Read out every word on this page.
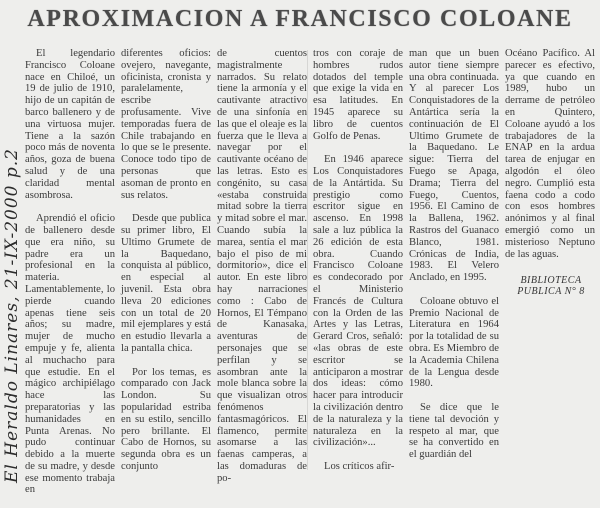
APROXIMACION A FRANCISCO COLOANE
El Heraldo Linares, 21-IX-2000 p.2

El legendario Francisco Coloane nace en Chiloé, un 19 de julio de 1910, hijo de un capitán de barco ballenero y de una virtuosa mujer. Tiene a la sazón poco más de noventa años, goza de buena salud y de una claridad mental asombrosa.

Aprendió el oficio de ballenero desde que era niño, su padre era un profesional en la materia. Lamentablemente, lo pierde cuando apenas tiene seis años; su madre, mujer de mucho empuje y fe, alienta al muchacho para que estudie. En el mágico archipiélago hace las preparatorias y las humanidades en Punta Arenas. No pudo continuar debido a la muerte de su madre, y desde ese momento trabaja en

diferentes oficios: ovejero, navegante, oficinista, cronista y paralelamente, escribe profusamente. Vive temporadas fuera de Chile trabajando en lo que se le presente. Conoce todo tipo de personas que asoman de pronto en sus relatos.

Desde que publica su primer libro, El Ultimo Grumete de la Baquedano, conquista al público, en especial al juvenil. Esta obra lleva 20 ediciones con un total de 20 mil ejemplares y está en estudio llevarla a la pantalla chica.

Por los temas, es comparado con Jack London. Su popularidad estriba en su estilo, sencillo pero brillante. El Cabo de Hornos, su segunda obra es un conjunto

de cuentos magistralmente narrados. Su relato tiene la armonía y el cautivante atractivo de una sinfonía en las que el oleaje es la fuerza que le lleva a navegar por el cautivante océano de las letras. Esto es congénito, su casa «estaba construida mitad sobre la tierra y mitad sobre el mar. Cuando subía la marea, sentía el mar bajo el piso de mi dormitorio», dice el autor. En este libro hay narraciones como : Cabo de Hornos, El Témpano de Kanasaka, aventuras de personajes que se perfilan y se asombran ante la mole blanca sobre la que visualizan otros fenómenos fantasmagóricos. El flamenco, permite asomarse a las faenas camperas, a las domaduras de po-

tros con coraje de hombres rudos dotados del temple que exige la vida en esa latitudes. En 1945 aparece su libro de cuentos Golfo de Penas.

En 1946 aparece Los Conquistadores de la Antártida. Su prestigio como escritor sigue en ascenso. En 1998 sale a luz pública la 26 edición de esta obra. Cuando Francisco Coloane es condecorado por el Ministerio Francés de Cultura con la Orden de las Artes y las Letras, Gerard Cros, señaló: «las obras de este escritor se anticiparon a mostrar dos ideas: cómo hacer para introducir la civilización dentro de la naturaleza y la naturaleza en la civilización»...

Los críticos afir-

man que un buen autor tiene siempre una obra continuada. Y al parecer Los Conquistadores de la Antártica sería la continuación de El Ultimo Grumete de la Baquedano. Le sigue: Tierra del Fuego se Apaga, Drama; Tierra del Fuego, Cuentos, 1956. El Camino de la Ballena, 1962. Rastros del Guanaco Blanco, 1981. Crónicas de India, 1983. El Velero Anclado, en 1995.

Coloane obtuvo el Premio Nacional de Literatura en 1964 por la totalidad de su obra. Es Miembro de la Academia Chilena de la Lengua desde 1980.

Se dice que le tiene tal devoción y respeto al mar, que se ha convertido en el guardián del

Océano Pacífico. Al parecer es efectivo, ya que cuando en 1989, hubo un derrame de petróleo en Quintero, Coloane ayudó a los trabajadores de la ENAP en la ardua tarea de enjugar en algodón el óleo negro. Cumplió esta faena codo a codo con esos hombres anónimos y al final emergió como un misterioso Neptuno de las aguas.

BIBLIOTECA
PUBLICA N° 8
